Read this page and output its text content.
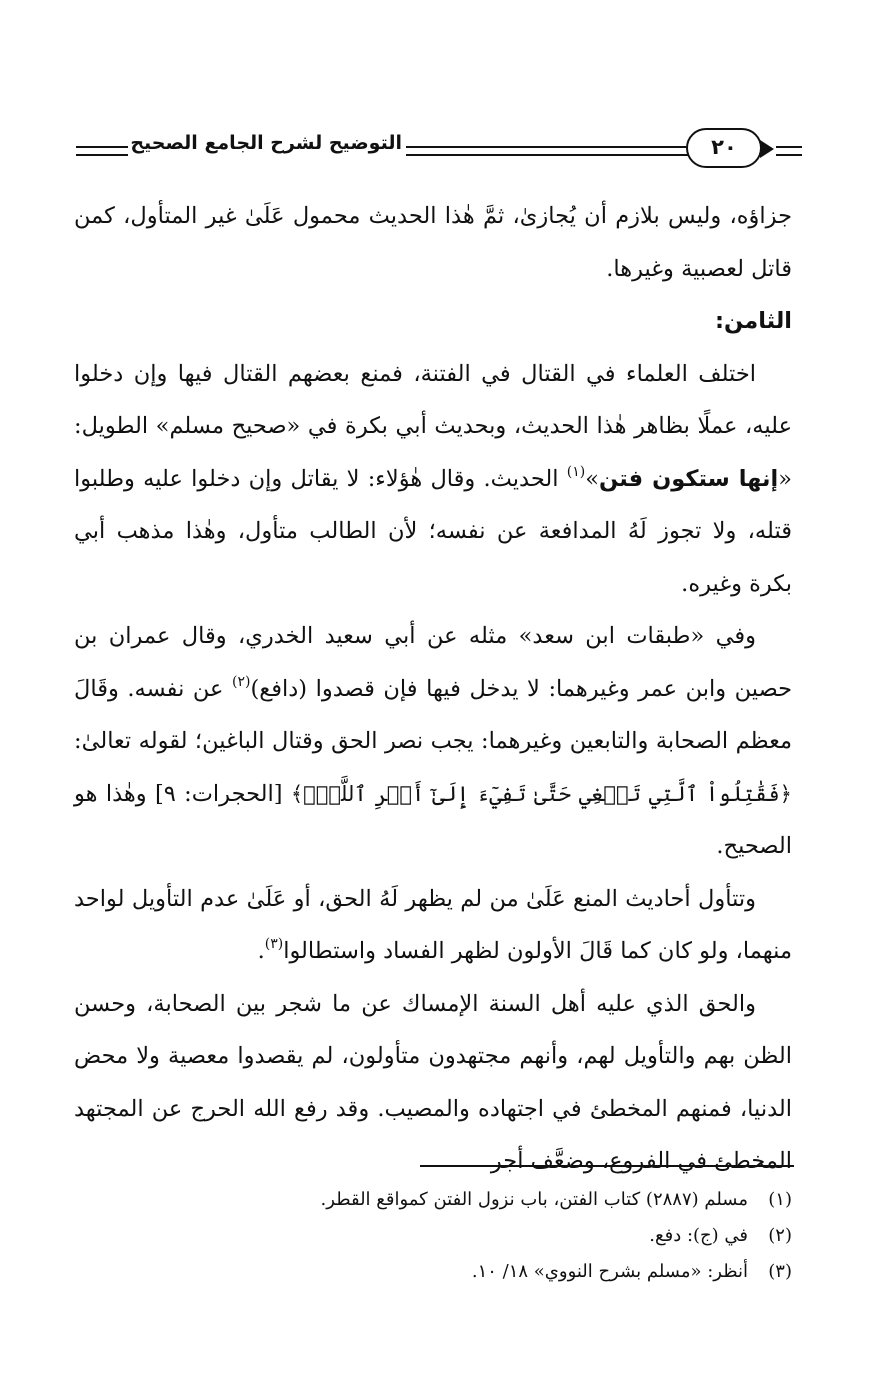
التوضيح لشرح الجامع الصحيح	٢٠

جزاؤه، وليس بلازم أن يُجازىٰ، ثمَّ هٰذا الحديث محمول عَلَىٰ غير المتأول، كمن قاتل لعصبية وغيرها.

الثامن:

اختلف العلماء في القتال في الفتنة، فمنع بعضهم القتال فيها وإن دخلوا عليه، عملًا بظاهر هٰذا الحديث، وبحديث أبي بكرة في «صحيح مسلم» الطويل: «إنها ستكون فتن»$^{(١)}$ الحديث. وقال هٰؤلاء: لا يقاتل وإن دخلوا عليه وطلبوا قتله، ولا تجوز لَهُ المدافعة عن نفسه؛ لأن الطالب متأول، وهٰذا مذهب أبي بكرة وغيره.

وفي «طبقات ابن سعد» مثله عن أبي سعيد الخدري، وقال عمران بن حصين وابن عمر وغيرهما: لا يدخل فيها فإن قصدوا (دافع)$^{(٢)}$ عن نفسه. وقَالَ معظم الصحابة والتابعين وغيرهما: يجب نصر الحق وقتال الباغين؛ لقوله تعالىٰ: ﴿فَقَٰتِلُواْ ٱلَّتِي تَبۡغِي حَتَّىٰ تَفِيٓءَ إِلَىٰٓ أَمۡرِ ٱللَّهِۚ﴾ [الحجرات: ٩] وهٰذا هو الصحيح.

وتتأول أحاديث المنع عَلَىٰ من لم يظهر لَهُ الحق، أو عَلَىٰ عدم التأويل لواحد منهما، ولو كان كما قَالَ الأولون لظهر الفساد واستطالوا$^{(٣)}$.

والحق الذي عليه أهل السنة الإمساك عن ما شجر بين الصحابة، وحسن الظن بهم والتأويل لهم، وأنهم مجتهدون متأولون، لم يقصدوا معصية ولا محض الدنيا، فمنهم المخطئ في اجتهاده والمصيب. وقد رفع الله الحرج عن المجتهد المخطئ في الفروع، وضعَّف أجر

(١)
مسلم (٢٨٨٧) كتاب الفتن، باب نزول الفتن كمواقع القطر.
(٢)
في (ج): دفع.
(٣)
أنظر: «مسلم بشرح النووي» ١٨/ ١٠.
